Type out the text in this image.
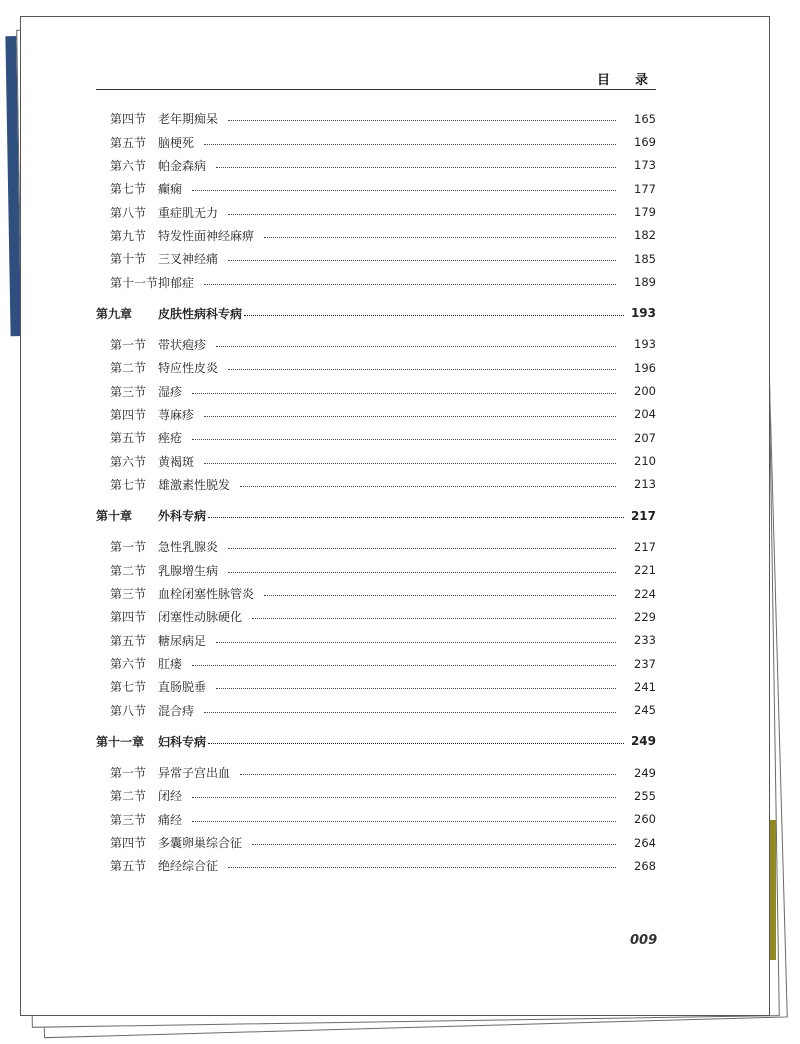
目　录
第四节 老年期痴呆	165
第五节 脑梗死	169
第六节 帕金森病	173
第七节 癫痫	177
第八节 重症肌无力	179
第九节 特发性面神经麻痹	182
第十节 三叉神经痛	185
第十一节 抑郁症	189
第九章	皮肤性病科专病	193
第一节 带状疱疹	193
第二节 特应性皮炎	196
第三节 湿疹	200
第四节 荨麻疹	204
第五节 痤疮	207
第六节 黄褐斑	210
第七节 雄激素性脱发	213
第十章	外科专病	217
第一节 急性乳腺炎	217
第二节 乳腺增生病	221
第三节 血栓闭塞性脉管炎	224
第四节 闭塞性动脉硬化	229
第五节 糖尿病足	233
第六节 肛瘘	237
第七节 直肠脱垂	241
第八节 混合痔	245
第十一章	妇科专病	249
第一节 异常子宫出血	249
第二节 闭经	255
第三节 痛经	260
第四节 多囊卵巢综合征	264
第五节 绝经综合征	268
009
